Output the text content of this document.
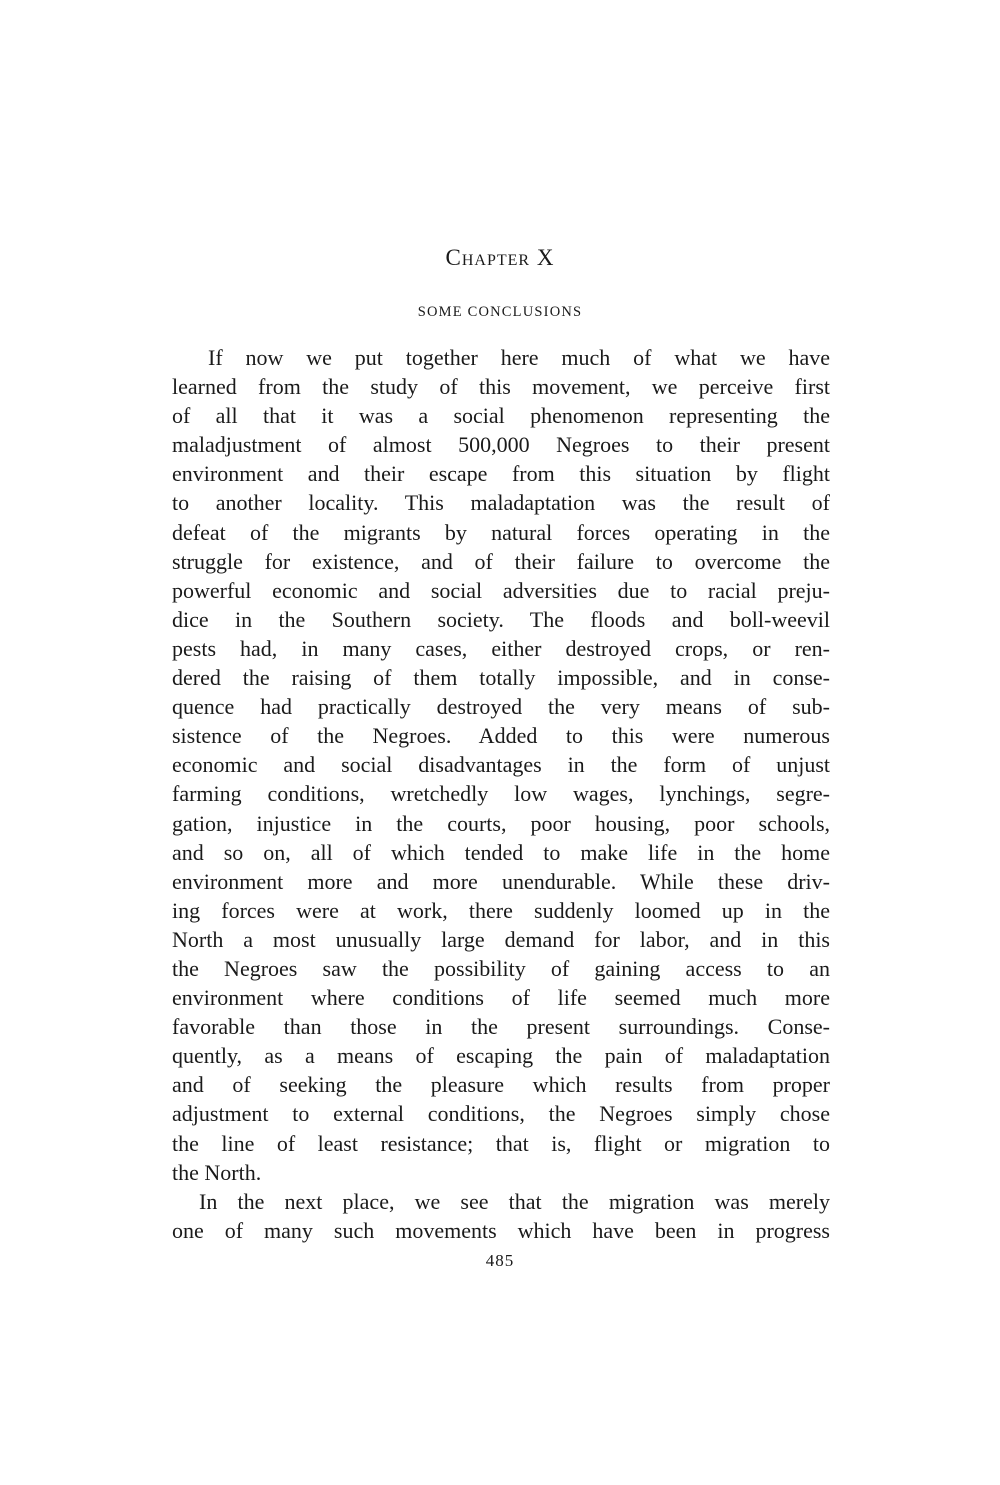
Chapter X
SOME CONCLUSIONS
If now we put together here much of what we have
learned from the study of this movement, we perceive first
of all that it was a social phenomenon representing the
maladjustment of almost 500,000 Negroes to their present
environment and their escape from this situation by flight
to another locality. This maladaptation was the result of
defeat of the migrants by natural forces operating in the
struggle for existence, and of their failure to overcome the
powerful economic and social adversities due to racial preju-
dice in the Southern society. The floods and boll-weevil
pests had, in many cases, either destroyed crops, or ren-
dered the raising of them totally impossible, and in conse-
quence had practically destroyed the very means of sub-
sistence of the Negroes. Added to this were numerous
economic and social disadvantages in the form of unjust
farming conditions, wretchedly low wages, lynchings, segre-
gation, injustice in the courts, poor housing, poor schools,
and so on, all of which tended to make life in the home
environment more and more unendurable. While these driv-
ing forces were at work, there suddenly loomed up in the
North a most unusually large demand for labor, and in this
the Negroes saw the possibility of gaining access to an
environment where conditions of life seemed much more
favorable than those in the present surroundings. Conse-
quently, as a means of escaping the pain of maladaptation
and of seeking the pleasure which results from proper
adjustment to external conditions, the Negroes simply chose
the line of least resistance; that is, flight or migration to
the North.
In the next place, we see that the migration was merely
one of many such movements which have been in progress
485
